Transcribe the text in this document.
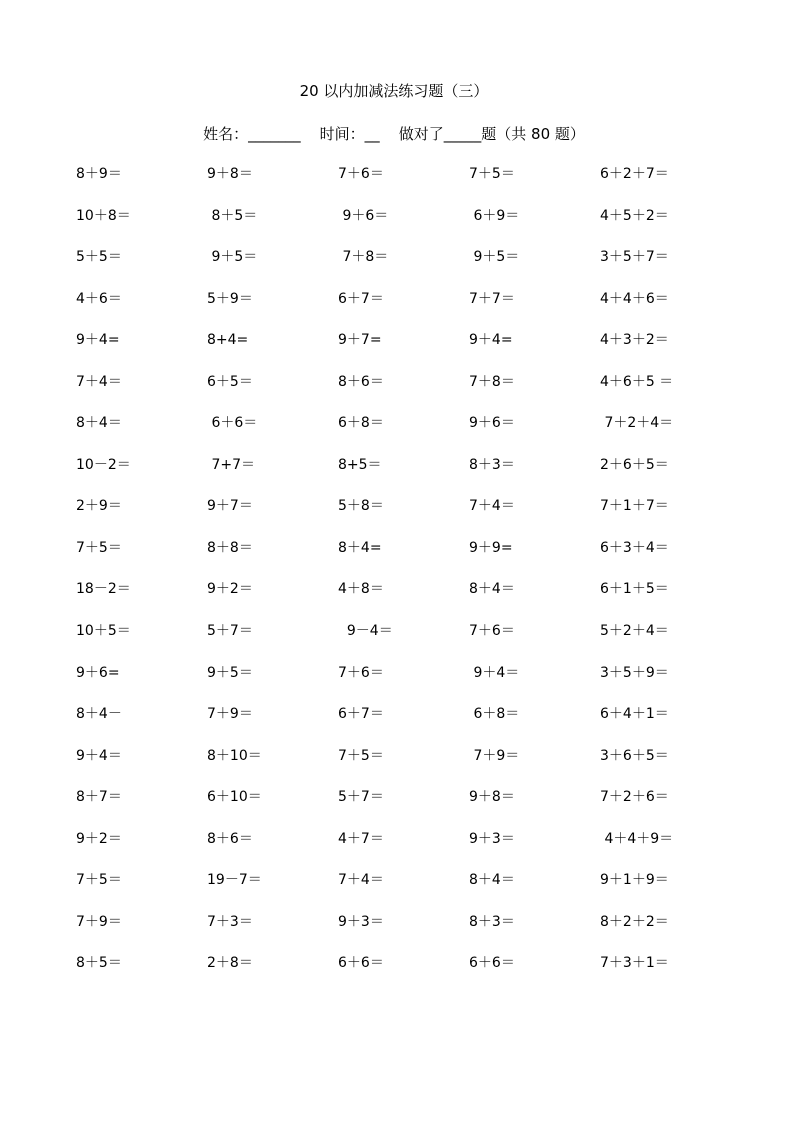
20 以内加减法练习题（三）
姓名：_______    时间：__    做对了_____题（共 80 题）
8＋9＝	9＋8＝	7＋6＝	7＋5＝	6＋2＋7＝
10＋8＝	8＋5＝	9＋6＝	6＋9＝	4＋5＋2＝
5＋5＝	9＋5＝	7＋8＝	9＋5＝	3＋5＋7＝
4＋6＝	5＋9＝	6＋7＝	7＋7＝	4＋4＋6＝
9＋4=	8+4=	9＋7=	9＋4=	4＋3＋2＝
7＋4＝	6＋5＝	8＋6＝	7＋8＝	4＋6＋5 ＝
8＋4＝	6＋6＝	6＋8＝	9＋6＝	7＋2＋4＝
10－2＝	7+7＝	8+5＝	8＋3＝	2＋6＋5＝
2＋9＝	9＋7＝	5＋8＝	7＋4＝	7＋1＋7＝
7＋5＝	8＋8＝	8＋4=	9＋9=	6＋3＋4＝
18－2＝	9＋2＝	4＋8＝	8＋4＝	6＋1＋5＝
10＋5＝	5＋7＝	9－4＝	7＋6＝	5＋2＋4＝
9＋6=	9＋5＝	7＋6＝	9＋4＝	3＋5＋9＝
8＋4－	7＋9＝	6＋7＝	6＋8＝	6＋4＋1＝
9＋4＝	8＋10＝	7＋5＝	7＋9＝	3＋6＋5＝
8＋7＝	6＋10＝	5＋7＝	9＋8＝	7＋2＋6＝
9＋2＝	8＋6＝	4＋7＝	9＋3＝	4＋4＋9＝
7＋5＝	19－7＝	7＋4＝	8＋4＝	9＋1＋9＝
7＋9＝	7＋3＝	9＋3＝	8＋3＝	8＋2＋2＝
8＋5＝	2＋8＝	6＋6＝	6＋6＝	7＋3＋1＝
